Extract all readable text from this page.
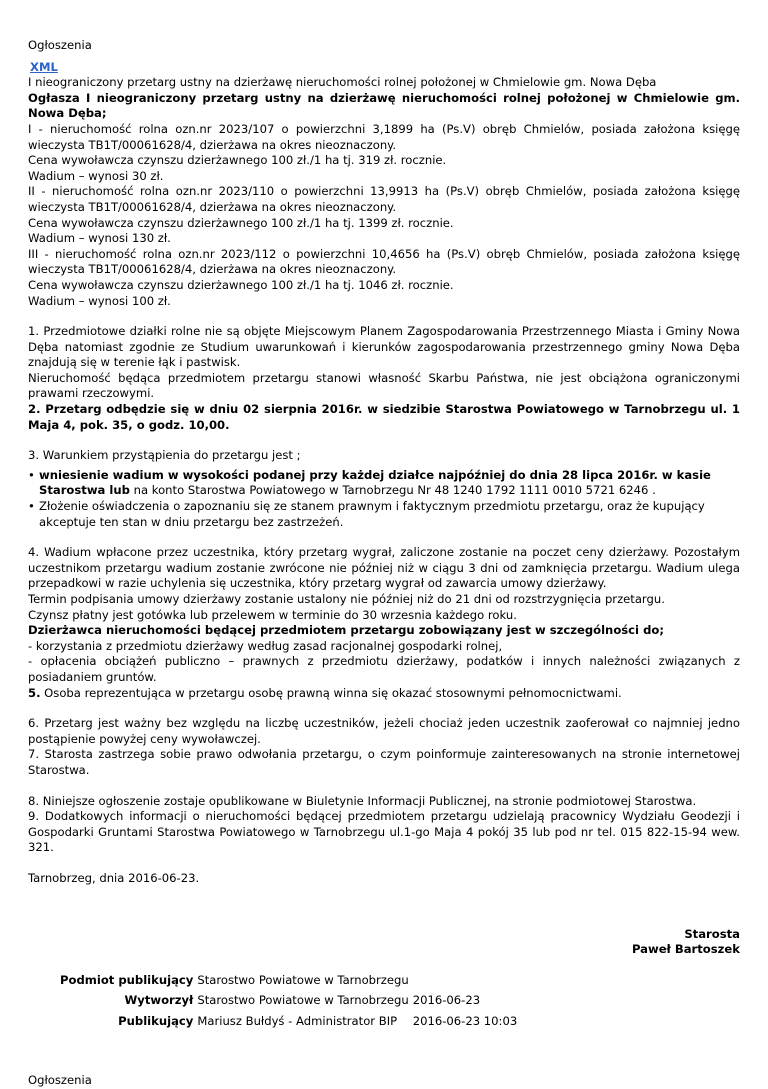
Ogłoszenia
XML

I nieograniczony przetarg ustny na dzierżawę nieruchomości rolnej położonej w Chmielowie gm. Nowa Dęba

Ogłasza I nieograniczony przetarg ustny na dzierżawę nieruchomości rolnej położonej w Chmielowie gm. Nowa Dęba;

I - nieruchomość rolna ozn.nr 2023/107 o powierzchni 3,1899 ha (Ps.V) obręb Chmielów, posiada założona księgę wieczysta TB1T/00061628/4, dzierżawa na okres nieoznaczony.

Cena wywoławcza czynszu dzierżawnego 100 zł./1 ha tj. 319 zł. rocznie.

Wadium – wynosi 30 zł.

II - nieruchomość rolna ozn.nr 2023/110 o powierzchni 13,9913 ha (Ps.V) obręb Chmielów, posiada założona księgę wieczysta TB1T/00061628/4, dzierżawa na okres nieoznaczony.

Cena wywoławcza czynszu dzierżawnego 100 zł./1 ha tj. 1399 zł. rocznie.

Wadium – wynosi 130 zł.

III - nieruchomość rolna ozn.nr 2023/112 o powierzchni 10,4656 ha (Ps.V) obręb Chmielów, posiada założona księgę wieczysta TB1T/00061628/4, dzierżawa na okres nieoznaczony.

Cena wywoławcza czynszu dzierżawnego 100 zł./1 ha tj. 1046 zł. rocznie.

Wadium – wynosi 100 zł.

1. Przedmiotowe działki rolne nie są objęte Miejscowym Planem Zagospodarowania Przestrzennego Miasta i Gminy Nowa Dęba natomiast zgodnie ze Studium uwarunkowań i kierunków zagospodarowania przestrzennego gminy Nowa Dęba znajdują się w terenie łąk i pastwisk.

Nieruchomość będąca przedmiotem przetargu stanowi własność Skarbu Państwa, nie jest obciążona ograniczonymi prawami rzeczowymi.

2. Przetarg odbędzie się w dniu 02 sierpnia 2016r. w siedzibie Starostwa Powiatowego w Tarnobrzegu ul. 1 Maja 4, pok. 35, o godz. 10,00.

3. Warunkiem przystąpienia do przetargu jest ;

• wniesienie wadium w wysokości podanej przy każdej działce najpóźniej do dnia 28 lipca 2016r. w kasie Starostwa lub na konto Starostwa Powiatowego w Tarnobrzegu Nr 48 1240 1792 1111 0010 5721 6246 .
• Złożenie oświadczenia o zapoznaniu się ze stanem prawnym i faktycznym przedmiotu przetargu, oraz że kupujący akceptuje ten stan w dniu przetargu bez zastrzeżeń.

4. Wadium wpłacone przez uczestnika, który przetarg wygrał, zaliczone zostanie na poczet ceny dzierżawy. Pozostałym uczestnikom przetargu wadium zostanie zwrócone nie później niż w ciągu 3 dni od zamknięcia przetargu. Wadium ulega przepadkowi w razie uchylenia się uczestnika, który przetarg wygrał od zawarcia umowy dzierżawy.

Termin podpisania umowy dzierżawy zostanie ustalony nie później niż do 21 dni od rozstrzygnięcia przetargu.

Czynsz płatny jest gotówka lub przelewem w terminie do 30 wrzesnia każdego roku.

Dzierżawca nieruchomości będącej przedmiotem przetargu zobowiązany jest w szczególności do;

- korzystania z przedmiotu dzierżawy według zasad racjonalnej gospodarki rolnej,

- opłacenia obciążeń publiczno – prawnych z przedmiotu dzierżawy, podatków i innych należności związanych z posiadaniem gruntów.

5. Osoba reprezentująca w przetargu osobę prawną winna się okazać stosownymi pełnomocnictwami.

6. Przetarg jest ważny bez względu na liczbę uczestników, jeżeli chociaż jeden uczestnik zaoferował co najmniej jedno postąpienie powyżej ceny wywoławczej.

7. Starosta zastrzega sobie prawo odwołania przetargu, o czym poinformuje zainteresowanych na stronie internetowej Starostwa.

8. Niniejsze ogłoszenie zostaje opublikowane w Biuletynie Informacji Publicznej, na stronie podmiotowej Starostwa.

9. Dodatkowych informacji o nieruchomości będącej przedmiotem przetargu udzielają pracownicy Wydziału Geodezji i Gospodarki Gruntami Starostwa Powiatowego w Tarnobrzegu ul.1-go Maja 4 pokój 35 lub pod nr tel. 015 822-15-94 wew. 321.

Tarnobrzeg, dnia 2016-06-23.

Starosta

Paweł Bartoszek

Podmiot publikujący	Starostwo Powiatowe w Tarnobrzegu	
Wytworzył	Starostwo Powiatowe w Tarnobrzegu	2016-06-23
Publikujący	Mariusz Bułdyś - Administrator BIP	2016-06-23 10:03

Ogłoszenia
